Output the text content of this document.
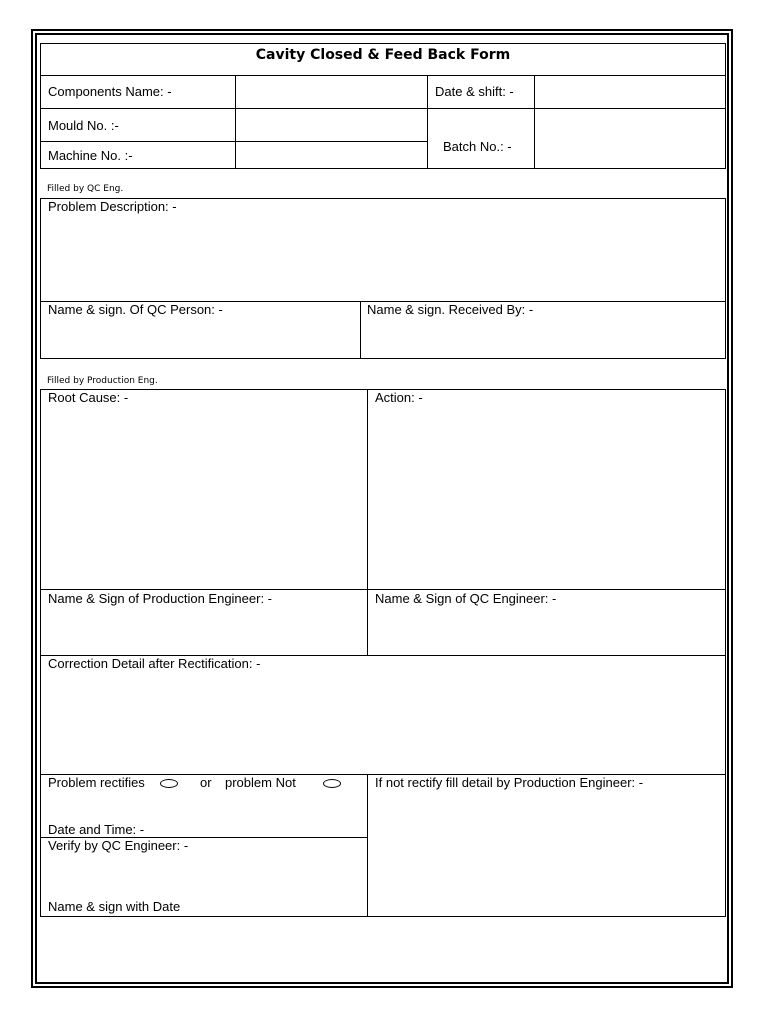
Cavity Closed & Feed Back Form
Components Name: -	Date & shift: -
Mould No. :-
Machine No. :-
Batch No.: -
Filled by QC Eng.
Problem Description: -
Name & sign. Of QC Person: -	Name & sign. Received By: -
Filled by Production Eng.
Root Cause: -	Action: -
Name & Sign of Production Engineer: -	Name & Sign of QC Engineer: -
Correction Detail after Rectification: -
Problem rectifies	or problem Not
Date and Time: -
If not rectify fill detail by Production Engineer: -
Verify by QC Engineer: -
Name & sign with Date
